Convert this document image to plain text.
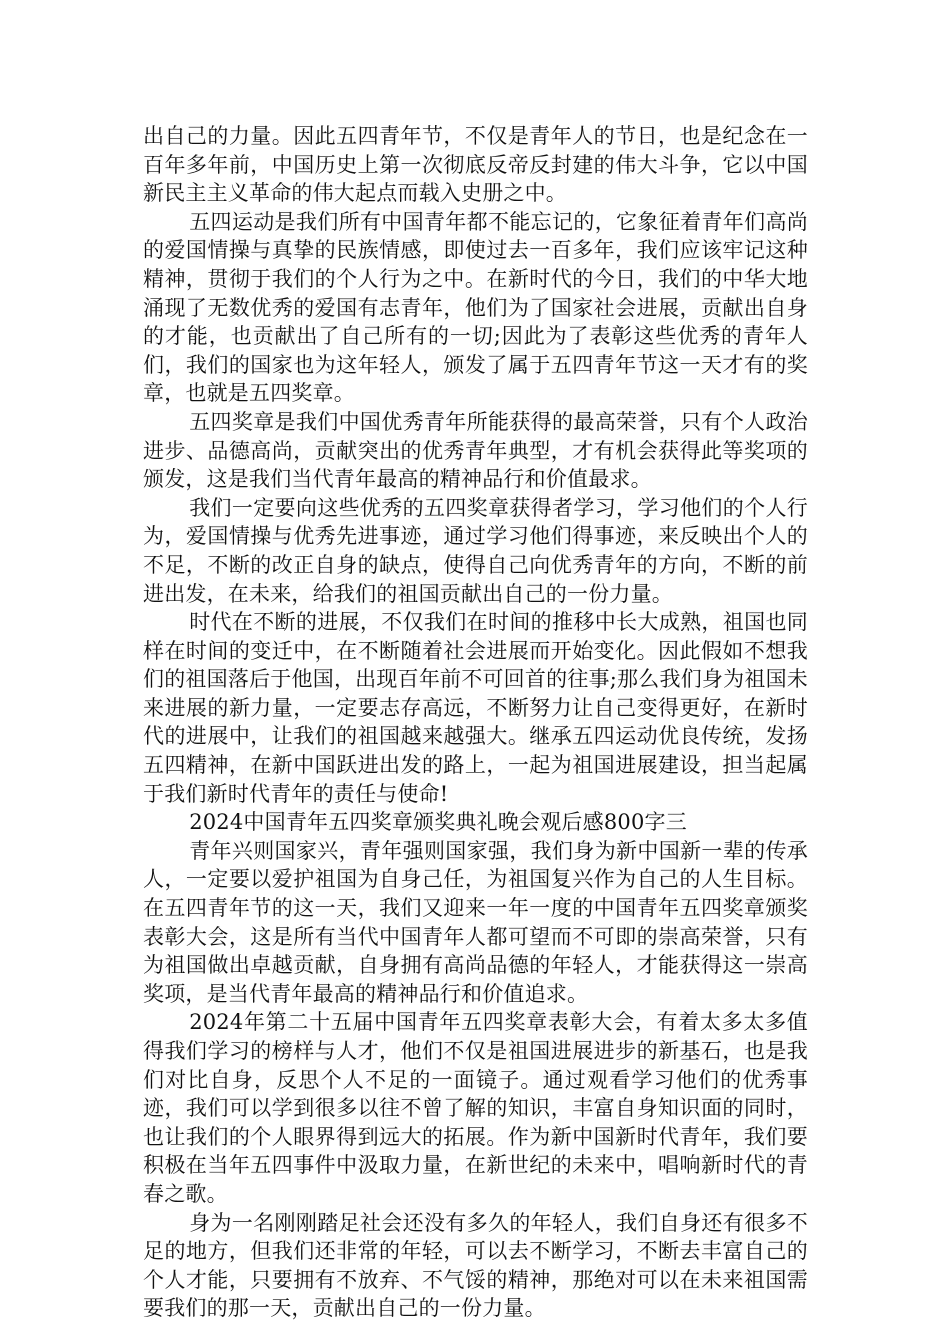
出自己的力量。因此五四青年节，不仅是青年人的节日，也是纪念在一百年多年前，中国历史上第一次彻底反帝反封建的伟大斗争，它以中国新民主主义革命的伟大起点而载入史册之中。

五四运动是我们所有中国青年都不能忘记的，它象征着青年们高尚的爱国情操与真挚的民族情感，即使过去一百多年，我们应该牢记这种精神，贯彻于我们的个人行为之中。在新时代的今日，我们的中华大地涌现了无数优秀的爱国有志青年，他们为了国家社会进展，贡献出自身的才能，也贡献出了自己所有的一切;因此为了表彰这些优秀的青年人们，我们的国家也为这年轻人，颁发了属于五四青年节这一天才有的奖章，也就是五四奖章。

五四奖章是我们中国优秀青年所能获得的最高荣誉，只有个人政治进步、品德高尚，贡献突出的优秀青年典型，才有机会获得此等奖项的颁发，这是我们当代青年最高的精神品行和价值最求。

我们一定要向这些优秀的五四奖章获得者学习，学习他们的个人行为，爱国情操与优秀先进事迹，通过学习他们得事迹，来反映出个人的不足，不断的改正自身的缺点，使得自己向优秀青年的方向，不断的前进出发，在未来，给我们的祖国贡献出自己的一份力量。

时代在不断的进展，不仅我们在时间的推移中长大成熟，祖国也同样在时间的变迁中，在不断随着社会进展而开始变化。因此假如不想我们的祖国落后于他国，出现百年前不可回首的往事;那么我们身为祖国未来进展的新力量，一定要志存高远，不断努力让自己变得更好，在新时代的进展中，让我们的祖国越来越强大。继承五四运动优良传统，发扬五四精神，在新中国跃进出发的路上，一起为祖国进展建设，担当起属于我们新时代青年的责任与使命!

2024中国青年五四奖章颁奖典礼晚会观后感800字三

青年兴则国家兴，青年强则国家强，我们身为新中国新一辈的传承人，一定要以爱护祖国为自身己任，为祖国复兴作为自己的人生目标。在五四青年节的这一天，我们又迎来一年一度的中国青年五四奖章颁奖表彰大会，这是所有当代中国青年人都可望而不可即的崇高荣誉，只有为祖国做出卓越贡献，自身拥有高尚品德的年轻人，才能获得这一崇高奖项，是当代青年最高的精神品行和价值追求。

2024年第二十五届中国青年五四奖章表彰大会，有着太多太多值得我们学习的榜样与人才，他们不仅是祖国进展进步的新基石，也是我们对比自身，反思个人不足的一面镜子。通过观看学习他们的优秀事迹，我们可以学到很多以往不曾了解的知识，丰富自身知识面的同时，也让我们的个人眼界得到远大的拓展。作为新中国新时代青年，我们要积极在当年五四事件中汲取力量，在新世纪的未来中，唱响新时代的青春之歌。

身为一名刚刚踏足社会还没有多久的年轻人，我们自身还有很多不足的地方，但我们还非常的年轻，可以去不断学习，不断去丰富自己的个人才能，只要拥有不放弃、不气馁的精神，那绝对可以在未来祖国需要我们的那一天，贡献出自己的一份力量。
